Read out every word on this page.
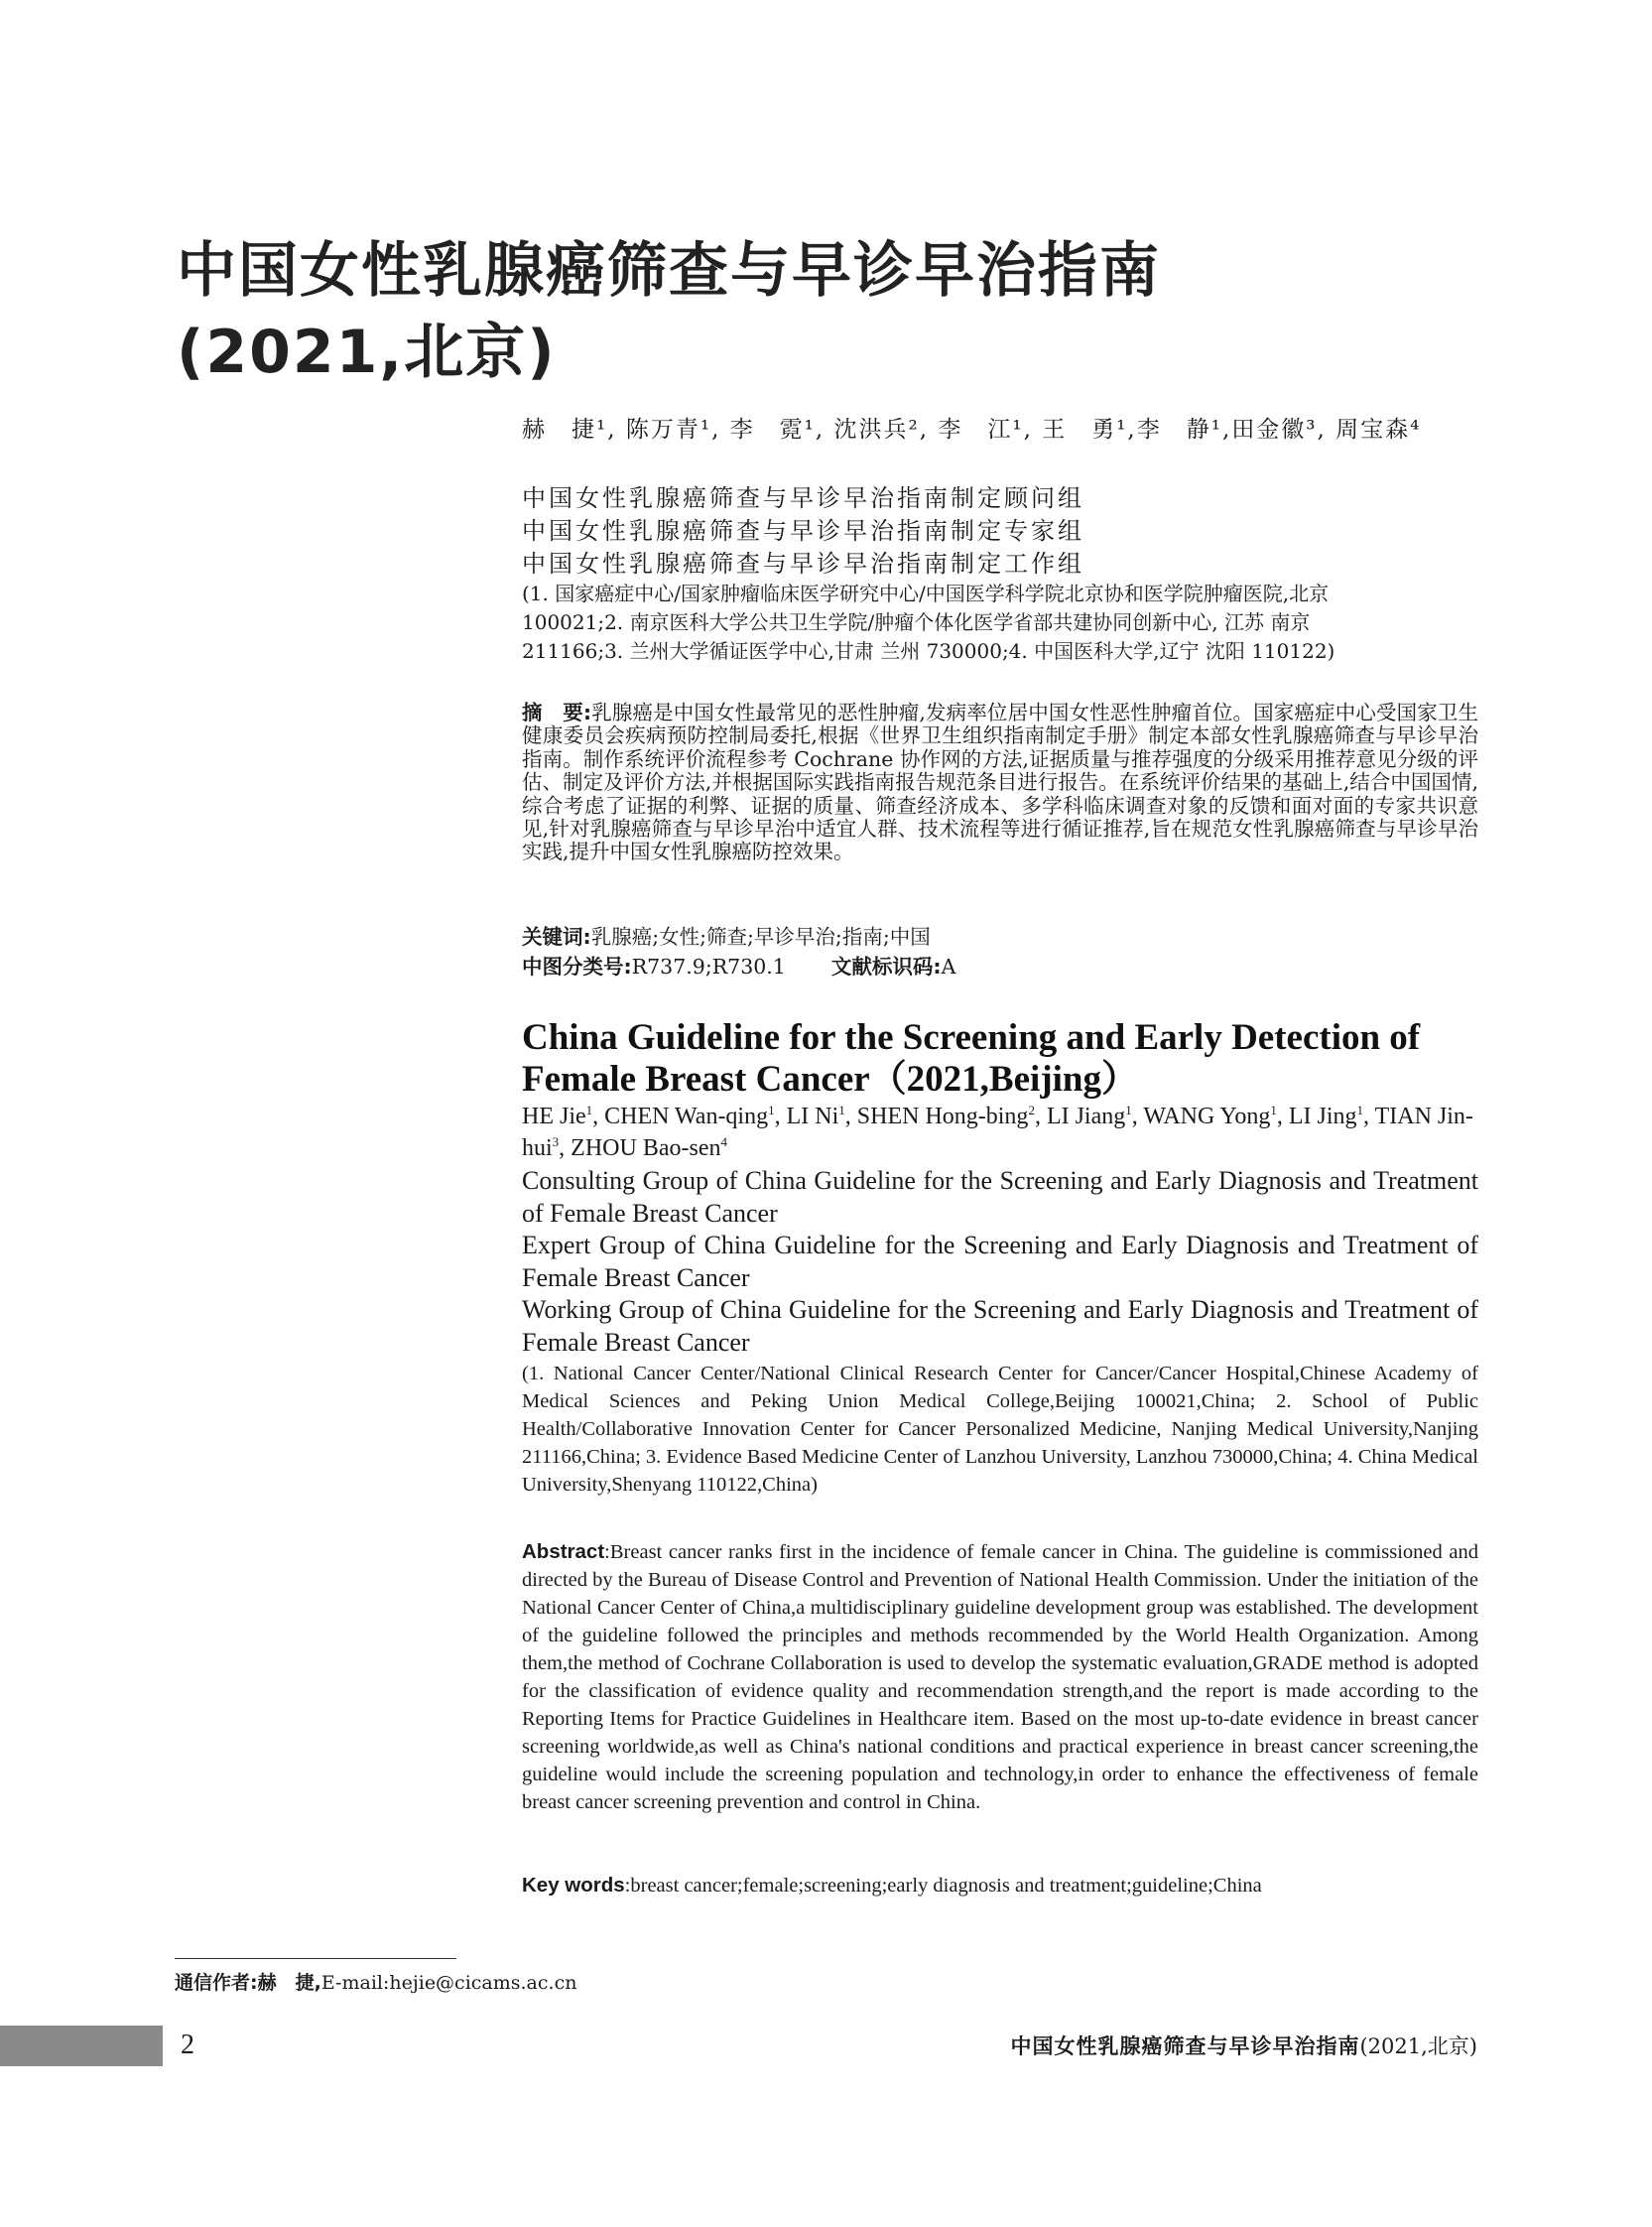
中国女性乳腺癌筛查与早诊早治指南
(2021,北京)
赫　捷¹, 陈万青¹, 李　霓¹, 沈洪兵², 李　江¹, 王　勇¹,李　静¹,田金徽³, 周宝森⁴
中国女性乳腺癌筛查与早诊早治指南制定顾问组
中国女性乳腺癌筛查与早诊早治指南制定专家组
中国女性乳腺癌筛查与早诊早治指南制定工作组
(1. 国家癌症中心/国家肿瘤临床医学研究中心/中国医学科学院北京协和医学院肿瘤医院,北京
100021;2. 南京医科大学公共卫生学院/肿瘤个体化医学省部共建协同创新中心, 江苏 南京
211166;3. 兰州大学循证医学中心,甘肃 兰州 730000;4. 中国医科大学,辽宁 沈阳 110122)
摘　要:乳腺癌是中国女性最常见的恶性肿瘤,发病率位居中国女性恶性肿瘤首位。国家癌症中心受国家卫生健康委员会疾病预防控制局委托,根据《世界卫生组织指南制定手册》制定本部女性乳腺癌筛查与早诊早治指南。制作系统评价流程参考 Cochrane 协作网的方法,证据质量与推荐强度的分级采用推荐意见分级的评估、制定及评价方法,并根据国际实践指南报告规范条目进行报告。在系统评价结果的基础上,结合中国国情,综合考虑了证据的利弊、证据的质量、筛查经济成本、多学科临床调查对象的反馈和面对面的专家共识意见,针对乳腺癌筛查与早诊早治中适宜人群、技术流程等进行循证推荐,旨在规范女性乳腺癌筛查与早诊早治实践,提升中国女性乳腺癌防控效果。
关键词:乳腺癌;女性;筛查;早诊早治;指南;中国
中图分类号:R737.9;R730.1 文献标识码:A
China Guideline for the Screening and Early Detection of Female Breast Cancer（2021,Beijing）
HE Jie$^1$, CHEN Wan-qing$^1$, LI Ni$^1$, SHEN Hong-bing$^2$, LI Jiang$^1$, WANG Yong$^1$, LI Jing$^1$, TIAN Jin-hui$^3$, ZHOU Bao-sen$^4$

Consulting Group of China Guideline for the Screening and Early Diagnosis and Treatment of Female Breast Cancer

Expert Group of China Guideline for the Screening and Early Diagnosis and Treatment of Female Breast Cancer

Working Group of China Guideline for the Screening and Early Diagnosis and Treatment of Female Breast Cancer

(1. National Cancer Center/National Clinical Research Center for Cancer/Cancer Hospital,Chinese Academy of Medical Sciences and Peking Union Medical College,Beijing 100021,China; 2. School of Public Health/Collaborative Innovation Center for Cancer Personalized Medicine, Nanjing Medical University,Nanjing 211166,China; 3. Evidence Based Medicine Center of Lanzhou University, Lanzhou 730000,China; 4. China Medical University,Shenyang 110122,China)
Abstract:Breast cancer ranks first in the incidence of female cancer in China. The guideline is commissioned and directed by the Bureau of Disease Control and Prevention of National Health Commission. Under the initiation of the National Cancer Center of China,a multidisciplinary guideline development group was established. The development of the guideline followed the principles and methods recommended by the World Health Organization. Among them,the method of Cochrane Collaboration is used to develop the systematic evaluation,GRADE method is adopted for the classification of evidence quality and recommendation strength,and the report is made according to the Reporting Items for Practice Guidelines in Healthcare item. Based on the most up-to-date evidence in breast cancer screening worldwide,as well as China's national conditions and practical experience in breast cancer screening,the guideline would include the screening population and technology,in order to enhance the effectiveness of female breast cancer screening prevention and control in China.
Key words:breast cancer;female;screening;early diagnosis and treatment;guideline;China
通信作者:赫　捷,E-mail:hejie@cicams.ac.cn
2	中国女性乳腺癌筛查与早诊早治指南(2021,北京)
